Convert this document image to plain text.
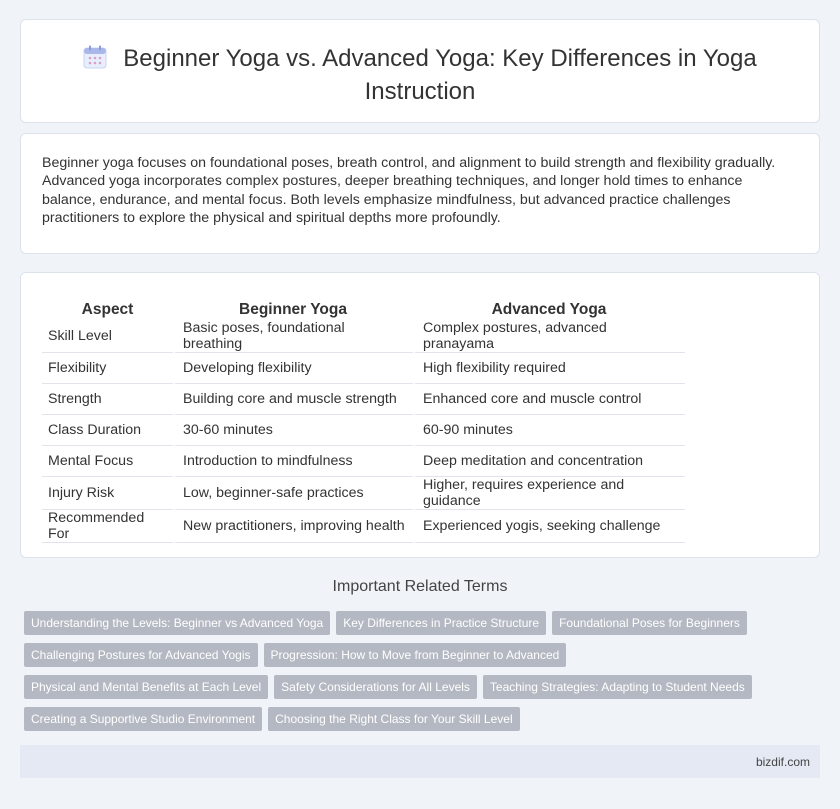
Beginner Yoga vs. Advanced Yoga: Key Differences in Yoga Instruction

Beginner yoga focuses on foundational poses, breath control, and alignment to build strength and flexibility gradually. Advanced yoga incorporates complex postures, deeper breathing techniques, and longer hold times to enhance balance, endurance, and mental focus. Both levels emphasize mindfulness, but advanced practice challenges practitioners to explore the physical and spiritual depths more profoundly.

Aspect	Beginner Yoga	Advanced Yoga
Skill Level	Basic poses, foundational breathing	Complex postures, advanced pranayama
Flexibility	Developing flexibility	High flexibility required
Strength	Building core and muscle strength	Enhanced core and muscle control
Class Duration	30-60 minutes	60-90 minutes
Mental Focus	Introduction to mindfulness	Deep meditation and concentration
Injury Risk	Low, beginner-safe practices	Higher, requires experience and guidance
Recommended For	New practitioners, improving health	Experienced yogis, seeking challenge
Important Related Terms
Understanding the Levels: Beginner vs Advanced Yoga	Key Differences in Practice Structure	Foundational Poses for Beginners
Challenging Postures for Advanced Yogis	Progression: How to Move from Beginner to Advanced
Physical and Mental Benefits at Each Level	Safety Considerations for All Levels	Teaching Strategies: Adapting to Student Needs
Creating a Supportive Studio Environment	Choosing the Right Class for Your Skill Level
bizdif.com
